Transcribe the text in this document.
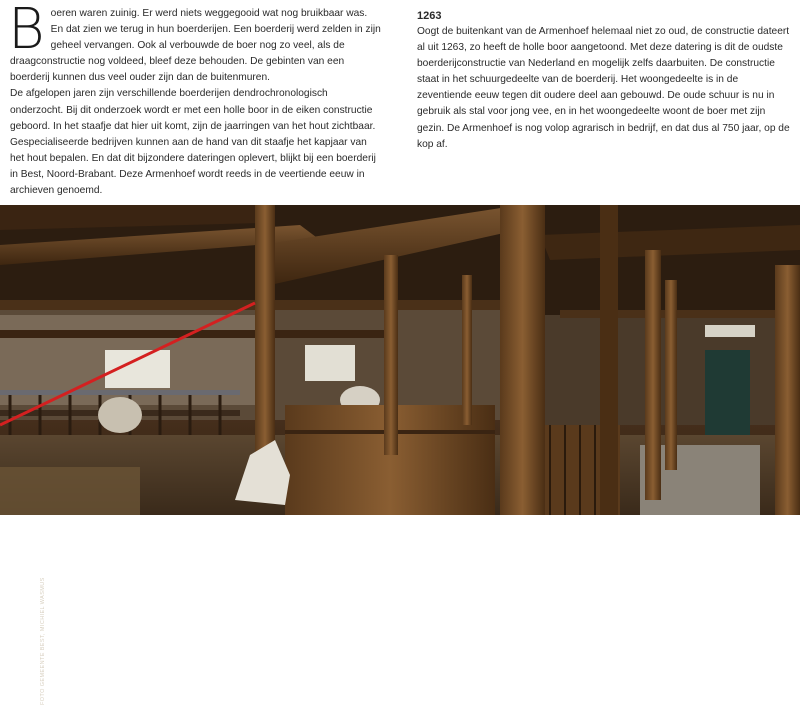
Boeren waren zuinig. Er werd niets weggegooid wat nog bruikbaar was. En dat zien we terug in hun boerderijen. Een boerderij werd zelden in zijn geheel vervangen. Ook al verbouwde de boer nog zo veel, als de draagconstructie nog voldeed, bleef deze behouden. De gebinten van een boerderij kunnen dus veel ouder zijn dan de buitenmuren.

De afgelopen jaren zijn verschillende boerderijen dendrochronologisch onderzocht. Bij dit onderzoek wordt er met een holle boor in de eiken constructie geboord. In het staafje dat hier uit komt, zijn de jaarringen van het hout zichtbaar. Gespecialiseerde bedrijven kunnen aan de hand van dit staafje het kapjaar van het hout bepalen. En dat dit bijzondere dateringen oplevert, blijkt bij een boerderij in Best, Noord-Brabant. Deze Armenhoef wordt reeds in de veertiende eeuw in archieven genoemd.

1263

Oogt de buitenkant van de Armenhoef helemaal niet zo oud, de constructie dateert al uit 1263, zo heeft de holle boor aangetoond. Met deze datering is dit de oudste boerderijconstructie van Nederland en mogelijk zelfs daarbuiten. De constructie staat in het schuurgedeelte van de boerderij. Het woongedeelte is in de zeventiende eeuw tegen dit oudere deel aan gebouwd. De oude schuur is nu in gebruik als stal voor jong vee, en in het woongedeelte woont de boer met zijn gezin. De Armenhoef is nog volop agrarisch in bedrijf, en dat dus al 750 jaar, op de kop af.

FOTO GEMEENTE BEST, MICHIEL WASMUS
